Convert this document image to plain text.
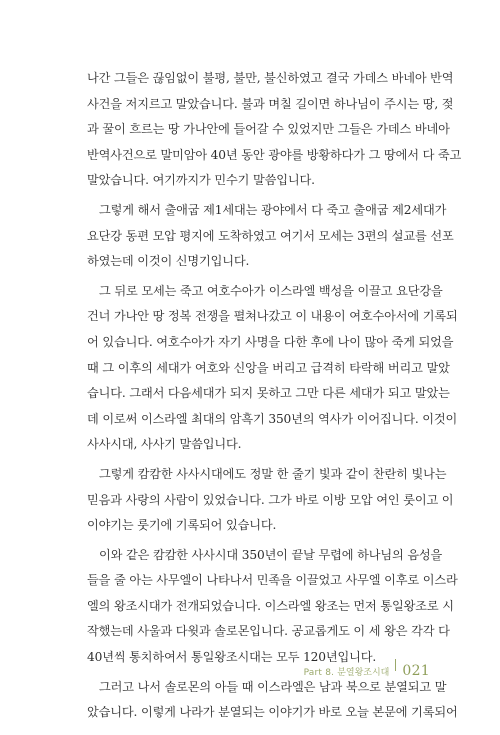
나간 그들은 끊임없이 불평, 불만, 불신하였고 결국 가데스 바네아 반역
사건을 저지르고 말았습니다. 불과 며칠 길이면 하나님이 주시는 땅, 젖
과 꿀이 흐르는 땅 가나안에 들어갈 수 있었지만 그들은 가데스 바네아
반역사건으로 말미암아 40년 동안 광야를 방황하다가 그 땅에서 다 죽고
말았습니다. 여기까지가 민수기 말씀입니다.

그렇게 해서 출애굽 제1세대는 광야에서 다 죽고 출애굽 제2세대가
요단강 동편 모압 평지에 도착하였고 여기서 모세는 3편의 설교를 선포
하였는데 이것이 신명기입니다.

그 뒤로 모세는 죽고 여호수아가 이스라엘 백성을 이끌고 요단강을
건너 가나안 땅 정복 전쟁을 펼쳐나갔고 이 내용이 여호수아서에 기록되
어 있습니다. 여호수아가 자기 사명을 다한 후에 나이 많아 죽게 되었을
때 그 이후의 세대가 여호와 신앙을 버리고 급격히 타락해 버리고 말았
습니다. 그래서 다음세대가 되지 못하고 그만 다른 세대가 되고 말았는
데 이로써 이스라엘 최대의 암흑기 350년의 역사가 이어집니다. 이것이
사사시대, 사사기 말씀입니다.

그렇게 캄캄한 사사시대에도 정말 한 줄기 빛과 같이 찬란히 빛나는
믿음과 사랑의 사람이 있었습니다. 그가 바로 이방 모압 여인 룻이고 이
이야기는 룻기에 기록되어 있습니다.

이와 같은 캄캄한 사사시대 350년이 끝날 무렵에 하나님의 음성을
들을 줄 아는 사무엘이 나타나서 민족을 이끌었고 사무엘 이후로 이스라
엘의 왕조시대가 전개되었습니다. 이스라엘 왕조는 먼저 통일왕조로 시
작했는데 사울과 다윗과 솔로몬입니다. 공교롭게도 이 세 왕은 각각 다
40년씩 통치하여서 통일왕조시대는 모두 120년입니다.

그러고 나서 솔로몬의 아들 때 이스라엘은 남과 북으로 분열되고 말
았습니다. 이렇게 나라가 분열되는 이야기가 바로 오늘 본문에 기록되어

Part 8. 분열왕조시대 021
